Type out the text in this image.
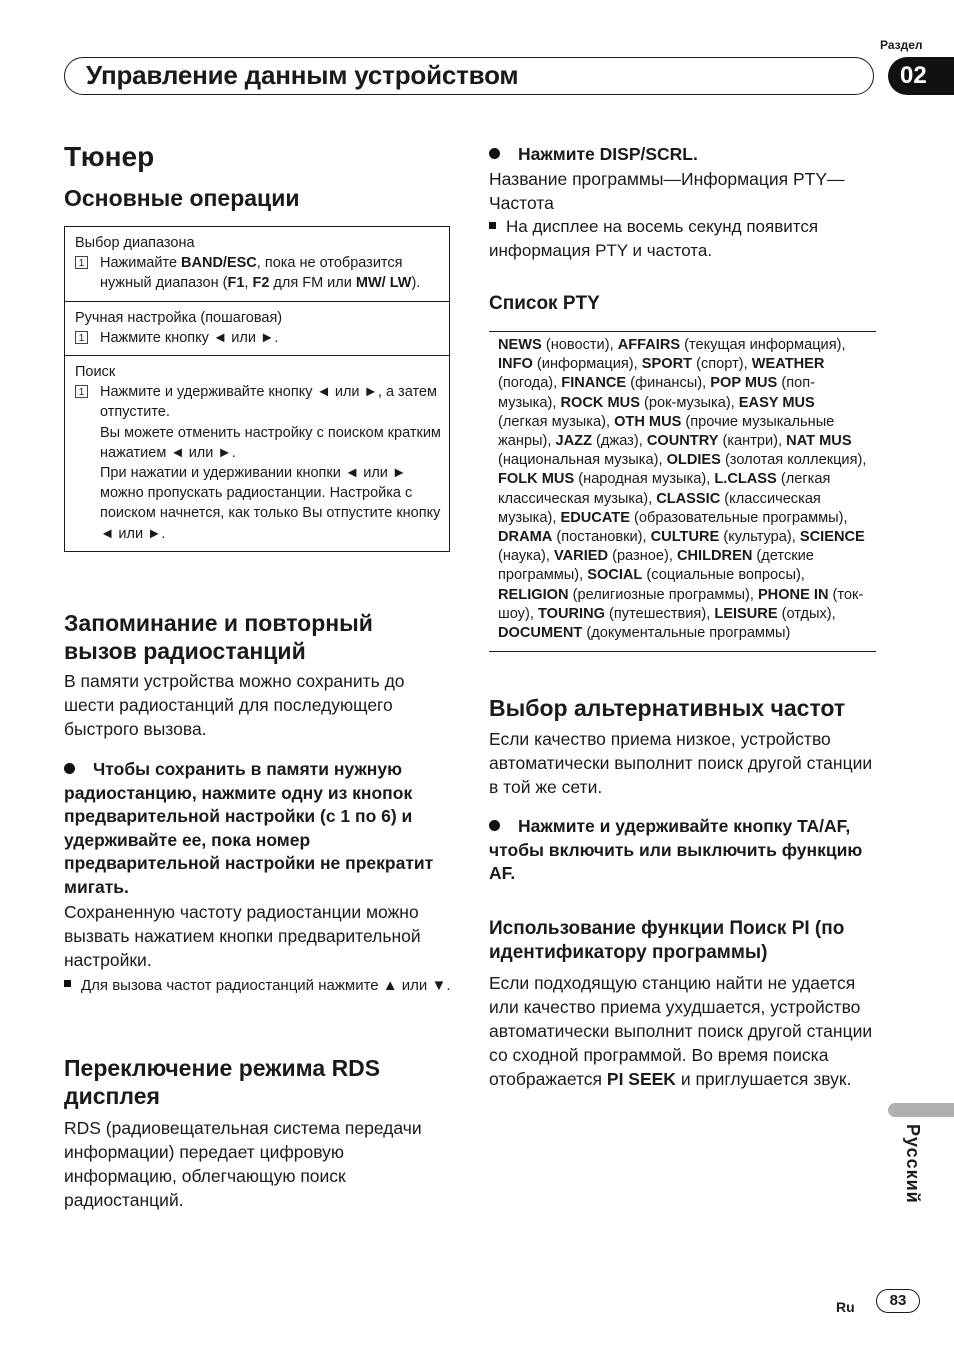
Раздел
Управление данным устройством	02
Тюнер
Основные операции
Выбор диапазона
1 Нажимайте BAND/ESC, пока не отобразится нужный диапазон (F1, F2 для FM или MW/ LW).
Ручная настройка (пошаговая)
1 Нажмите кнопку ◄ или ►.
Поиск
1 Нажмите и удерживайте кнопку ◄ или ►, а затем отпустите.
Вы можете отменить настройку с поиском кратким нажатием ◄ или ►.
При нажатии и удерживании кнопки ◄ или ► можно пропускать радиостанции. Настройка с поиском начнется, как только Вы отпустите кнопку ◄ или ►.
Запоминание и повторный вызов радиостанций
В памяти устройства можно сохранить до шести радиостанций для последующего быстрого вызова.
Чтобы сохранить в памяти нужную радиостанцию, нажмите одну из кнопок предварительной настройки (с 1 по 6) и удерживайте ее, пока номер предварительной настройки не прекратит мигать.
Сохраненную частоту радиостанции можно вызвать нажатием кнопки предварительной настройки.
Для вызова частот радиостанций нажмите ▲ или ▼.
Переключение режима RDS дисплея
RDS (радиовещательная система передачи информации) передает цифровую информацию, облегчающую поиск радиостанций.
Нажмите DISP/SCRL.
Название программы—Информация PTY—Частота
На дисплее на восемь секунд появится информация PTY и частота.
Список PTY
NEWS (новости), AFFAIRS (текущая информация), INFO (информация), SPORT (спорт), WEATHER (погода), FINANCE (финансы), POP MUS (поп-музыка), ROCK MUS (рок-музыка), EASY MUS (легкая музыка), OTH MUS (прочие музыкальные жанры), JAZZ (джаз), COUNTRY (кантри), NAT MUS (национальная музыка), OLDIES (золотая коллекция), FOLK MUS (народная музыка), L.CLASS (легкая классическая музыка), CLASSIC (классическая музыка), EDUCATE (образовательные программы), DRAMA (постановки), CULTURE (культура), SCIENCE (наука), VARIED (разное), CHILDREN (детские программы), SOCIAL (социальные вопросы), RELIGION (религиозные программы), PHONE IN (ток-шоу), TOURING (путешествия), LEISURE (отдых), DOCUMENT (документальные программы)
Выбор альтернативных частот
Если качество приема низкое, устройство автоматически выполнит поиск другой станции в той же сети.
Нажмите и удерживайте кнопку TA/AF, чтобы включить или выключить функцию AF.
Использование функции Поиск PI (по идентификатору программы)
Если подходящую станцию найти не удается или качество приема ухудшается, устройство автоматически выполнит поиск другой станции со сходной программой. Во время поиска отображается PI SEEK и приглушается звук.
Русский
Ru	83
